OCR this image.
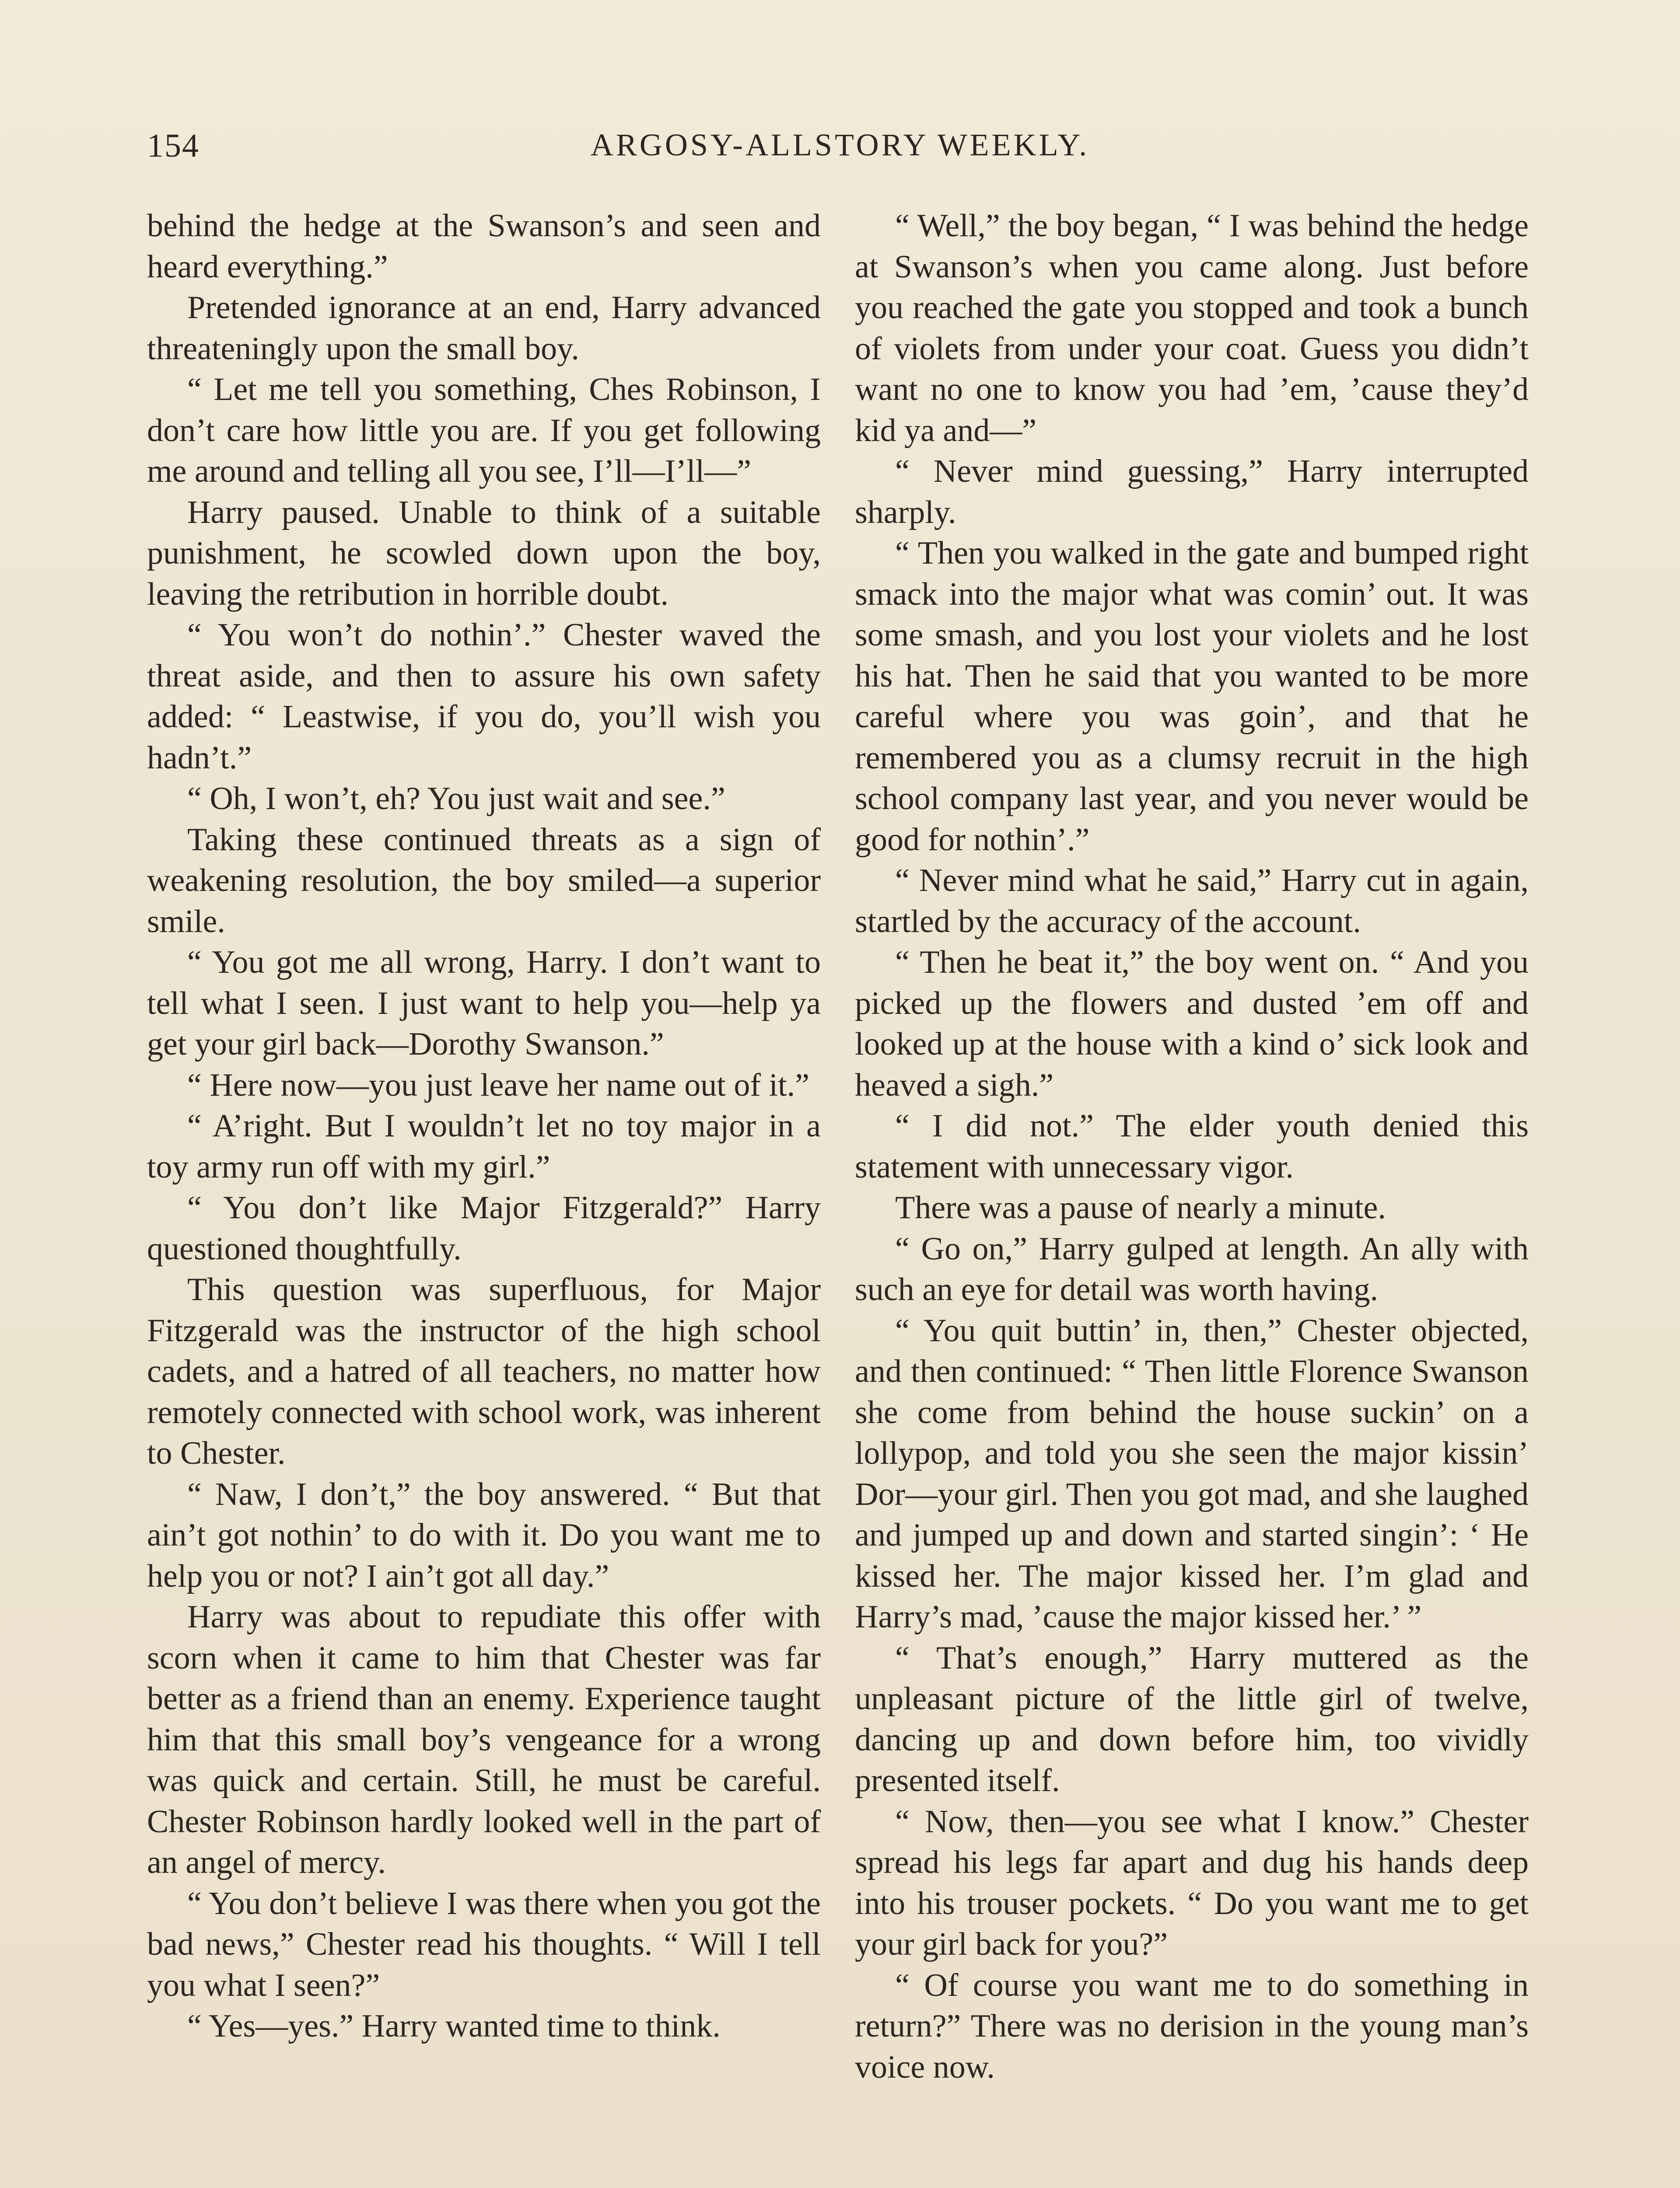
154	ARGOSY-ALLSTORY WEEKLY.

behind the hedge at the Swanson’s and seen and heard everything.”

Pretended ignorance at an end, Harry advanced threateningly upon the small boy.

“ Let me tell you something, Ches Robinson, I don’t care how little you are. If you get following me around and telling all you see, I’ll—I’ll—”

Harry paused. Unable to think of a suitable punishment, he scowled down upon the boy, leaving the retribution in horrible doubt.

“ You won’t do nothin’.” Chester waved the threat aside, and then to assure his own safety added: “ Leastwise, if you do, you’ll wish you hadn’t.”

“ Oh, I won’t, eh? You just wait and see.”

Taking these continued threats as a sign of weakening resolution, the boy smiled—a superior smile.

“ You got me all wrong, Harry. I don’t want to tell what I seen. I just want to help you—help ya get your girl back—Dorothy Swanson.”

“ Here now—you just leave her name out of it.”

“ A’right. But I wouldn’t let no toy major in a toy army run off with my girl.”

“ You don’t like Major Fitzgerald?” Harry questioned thoughtfully.

This question was superfluous, for Major Fitzgerald was the instructor of the high school cadets, and a hatred of all teachers, no matter how remotely connected with school work, was inherent to Chester.

“ Naw, I don’t,” the boy answered. “ But that ain’t got nothin’ to do with it. Do you want me to help you or not? I ain’t got all day.”

Harry was about to repudiate this offer with scorn when it came to him that Chester was far better as a friend than an enemy. Experience taught him that this small boy’s vengeance for a wrong was quick and certain. Still, he must be careful. Chester Robinson hardly looked well in the part of an angel of mercy.

“ You don’t believe I was there when you got the bad news,” Chester read his thoughts. “ Will I tell you what I seen?”

“ Yes—yes.” Harry wanted time to think.

“ Well,” the boy began, “ I was behind the hedge at Swanson’s when you came along. Just before you reached the gate you stopped and took a bunch of violets from under your coat. Guess you didn’t want no one to know you had ’em, ’cause they’d kid ya and—”

“ Never mind guessing,” Harry interrupted sharply.

“ Then you walked in the gate and bumped right smack into the major what was comin’ out. It was some smash, and you lost your violets and he lost his hat. Then he said that you wanted to be more careful where you was goin’, and that he remembered you as a clumsy recruit in the high school company last year, and you never would be good for nothin’.”

“ Never mind what he said,” Harry cut in again, startled by the accuracy of the account.

“ Then he beat it,” the boy went on. “ And you picked up the flowers and dusted ’em off and looked up at the house with a kind o’ sick look and heaved a sigh.”

“ I did not.” The elder youth denied this statement with unnecessary vigor.

There was a pause of nearly a minute.

“ Go on,” Harry gulped at length. An ally with such an eye for detail was worth having.

“ You quit buttin’ in, then,” Chester objected, and then continued: “ Then little Florence Swanson she come from behind the house suckin’ on a lollypop, and told you she seen the major kissin’ Dor—your girl. Then you got mad, and she laughed and jumped up and down and started singin’: ‘ He kissed her. The major kissed her. I’m glad and Harry’s mad, ’cause the major kissed her.’ ”

“ That’s enough,” Harry muttered as the unpleasant picture of the little girl of twelve, dancing up and down before him, too vividly presented itself.

“ Now, then—you see what I know.” Chester spread his legs far apart and dug his hands deep into his trouser pockets. “ Do you want me to get your girl back for you?”

“ Of course you want me to do something in return?” There was no derision in the young man’s voice now.
